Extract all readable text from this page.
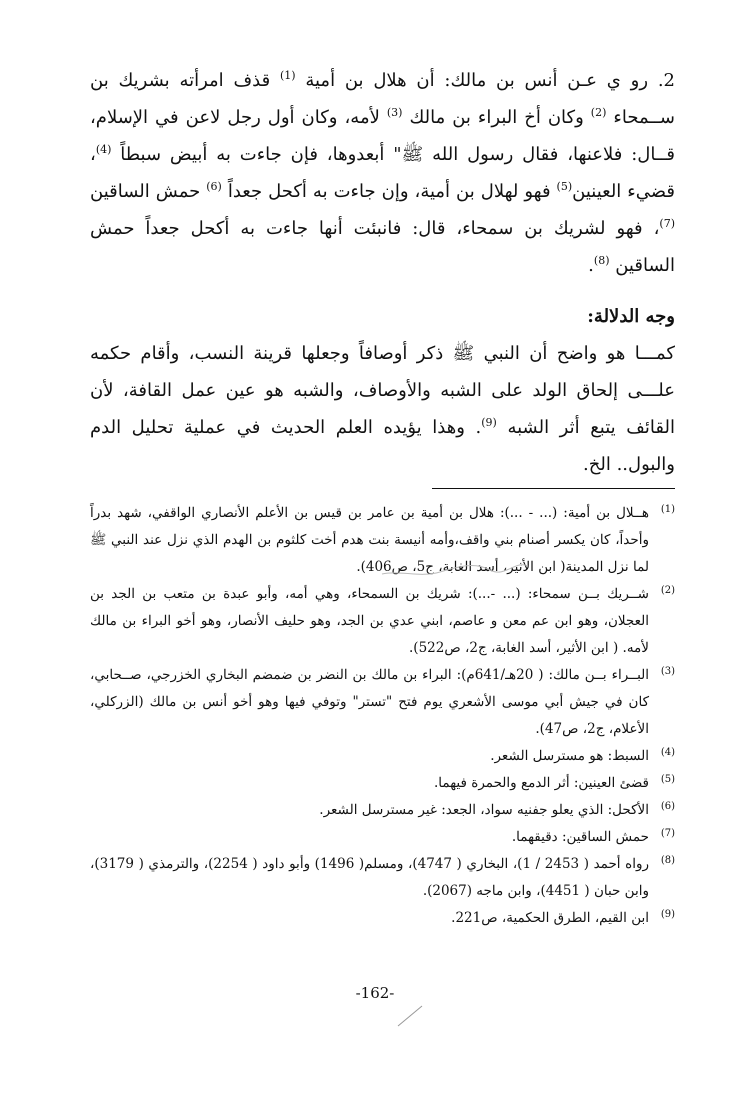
2. رو ي عـن أنس بن مالك: أن هلال بن أمية $^{(1)}$ قذف امرأته بشريك بن ســمحاء $^{(2)}$ وكان أخ البراء بن مالك $^{(3)}$ لأمه، وكان أول رجل لاعن في الإسلام، قــال: فلاعنها، فقال رسول الله ﷺ" أبعدوها، فإن جاءت به أبيض سبطاً $^{(4)}$، قضيء العينين$^{(5)}$ فهو لهلال بن أمية، وإن جاءت به أكحل جعداً $^{(6)}$ حمش الساقين $^{(7)}$، فهو لشريك بن سمحاء، قال: فانبئت أنها جاءت به أكحل جعداً حمش الساقين $^{(8)}$.

وجه الدلالة:

كمـــا هو واضح أن النبي ﷺ ذكر أوصافاً وجعلها قرينة النسب، وأقام حكمه علـــى إلحاق الولد على الشبه والأوصاف، والشبه هو عين عمل القافة، لأن القائف يتبع أثر الشبه $^{(9)}$. وهذا يؤيده العلم الحديث في عملية تحليل الدم والبول.. الخ.

(1)
هــلال بن أمية: (... - ...): هلال بن أمية بن عامر بن قيس بن الأعلم الأنصاري الواقفي، شهد بدراً وأحداً، كان يكسر أصنام بني واقف،وأمه أنيسة بنت هدم أخت كلثوم بن الهدم الذي نزل عند النبي ﷺ لما نزل المدينة( ابن الأثير، أسد الغابة، ج5، ص406).
(2)
شــريك بــن سمحاء: (... -...): شريك بن السمحاء، وهي أمه، وأبو عبدة بن متعب بن الجد بن العجلان، وهو ابن عم معن و عاصم، ابني عدي بن الجد، وهو حليف الأنصار، وهو أخو البراء بن مالك لأمه. ( ابن الأثير، أسد الغابة، ج2، ص522).
(3)
البــراء بــن مالك: ( 20هـ/641م): البراء بن مالك بن النضر بن ضمضم البخاري الخزرجي، صــحابي، كان في جيش أبي موسى الأشعري يوم فتح "تستر" وتوفي فيها وهو أخو أنس بن مالك (الزركلي، الأعلام، ج2، ص47).
(4)
السبط: هو مسترسل الشعر.
(5)
قضئ العينين: أثر الدمع والحمرة فيهما.
(6)
الأكحل: الذي يعلو جفنيه سواد، الجعد: غير مسترسل الشعر.
(7)
حمش الساقين: دقيقهما.
(8)
رواه أحمد ( 2453 / 1)، البخاري ( 4747)، ومسلم( 1496) وأبو داود ( 2254)، والترمذي ( 3179)، وابن حبان ( 4451)، وابن ماجه (2067).
(9)
ابن القيم، الطرق الحكمية، ص221.
-162-
